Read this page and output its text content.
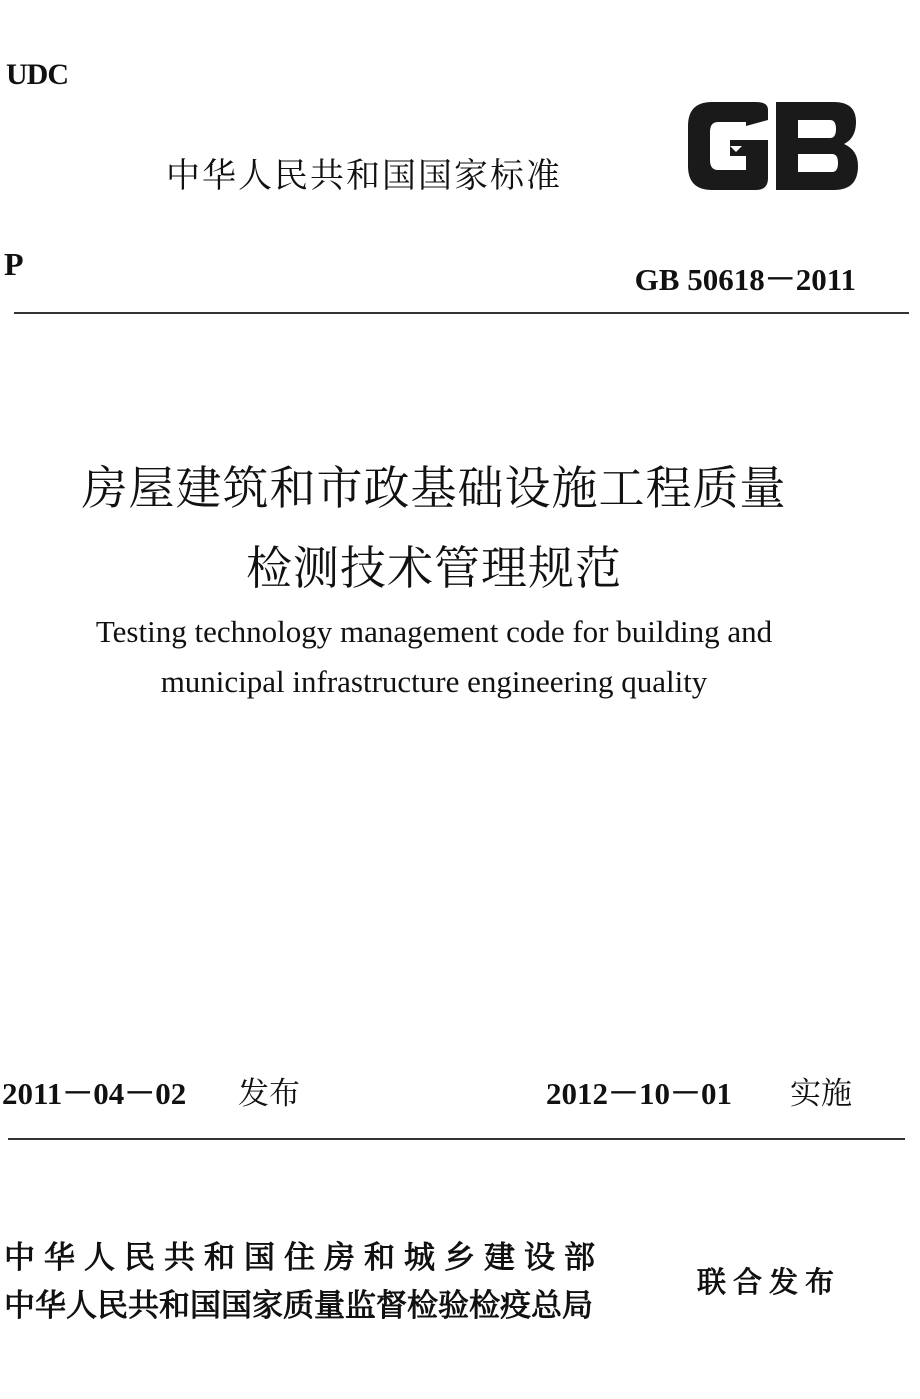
UDC
中华人民共和国国家标准
P	GB 50618－2011
房屋建筑和市政基础设施工程质量
检测技术管理规范
Testing technology management code for building and
municipal infrastructure engineering quality
2011－04－02 发布	2012－10－01 实施
中华人民共和国住房和城乡建设部
中华人民共和国国家质量监督检验检疫总局
联合发布
